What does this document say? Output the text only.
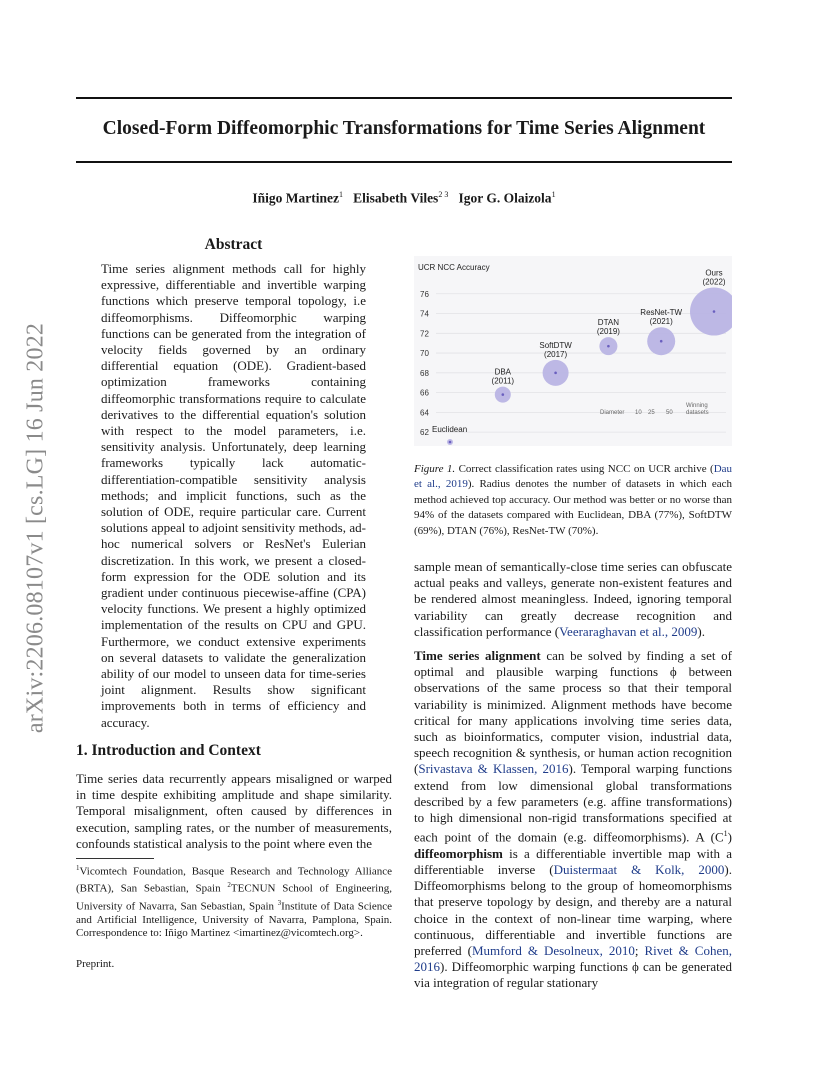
Closed-Form Diffeomorphic Transformations for Time Series Alignment
Iñigo Martinez$^1$ Elisabeth Viles$^{2 3}$ Igor G. Olaizola$^1$
arXiv:2206.08107v1 [cs.LG] 16 Jun 2022
Abstract

Time series alignment methods call for highly expressive, differentiable and invertible warping functions which preserve temporal topology, i.e diffeomorphisms. Diffeomorphic warping functions can be generated from the integration of velocity fields governed by an ordinary differential equation (ODE). Gradient-based optimization frameworks containing diffeomorphic transformations require to calculate derivatives to the differential equation's solution with respect to the model parameters, i.e. sensitivity analysis. Unfortunately, deep learning frameworks typically lack automatic-differentiation-compatible sensitivity analysis methods; and implicit functions, such as the solution of ODE, require particular care. Current solutions appeal to adjoint sensitivity methods, ad-hoc numerical solvers or ResNet's Eulerian discretization. In this work, we present a closed-form expression for the ODE solution and its gradient under continuous piecewise-affine (CPA) velocity functions. We present a highly optimized implementation of the results on CPU and GPU. Furthermore, we conduct extensive experiments on several datasets to validate the generalization ability of our model to unseen data for time-series joint alignment. Results show significant improvements both in terms of efficiency and accuracy.

1. Introduction and Context

Time series data recurrently appears misaligned or warped in time despite exhibiting amplitude and shape similarity. Temporal misalignment, often caused by differences in execution, sampling rates, or the number of measurements, confounds statistical analysis to the point where even the

$^1$Vicomtech Foundation, Basque Research and Technology Alliance (BRTA), San Sebastian, Spain $^2$TECNUN School of Engineering, University of Navarra, San Sebastian, Spain $^3$Institute of Data Science and Artificial Intelligence, University of Navarra, Pamplona, Spain. Correspondence to: Iñigo Martinez <imartinez@vicomtech.org>.

Preprint.
UCR NCC Accuracy
62
64
66
68
70
72
74
76
Euclidean
DBA
(2011)
SoftDTW
(2017)
DTAN
(2019)
ResNet-TW
(2021)
Ours
(2022)
Diameter 10 25 50
Winning
datasets

Figure 1. Correct classification rates using NCC on UCR archive (Dau et al., 2019). Radius denotes the number of datasets in which each method achieved top accuracy. Our method was better or no worse than 94% of the datasets compared with Euclidean, DBA (77%), SoftDTW (69%), DTAN (76%), ResNet-TW (70%).

sample mean of semantically-close time series can obfuscate actual peaks and valleys, generate non-existent features and be rendered almost meaningless. Indeed, ignoring temporal variability can greatly decrease recognition and classification performance (Veeraraghavan et al., 2009).

Time series alignment can be solved by finding a set of optimal and plausible warping functions ϕ between observations of the same process so that their temporal variability is minimized. Alignment methods have become critical for many applications involving time series data, such as bioinformatics, computer vision, industrial data, speech recognition & synthesis, or human action recognition (Srivastava & Klassen, 2016). Temporal warping functions extend from low dimensional global transformations described by a few parameters (e.g. affine transformations) to high dimensional non-rigid transformations specified at each point of the domain (e.g. diffeomorphisms). A $(C^1)$ diffeomorphism is a differentiable invertible map with a differentiable inverse (Duistermaat & Kolk, 2000). Diffeomorphisms belong to the group of homeomorphisms that preserve topology by design, and thereby are a natural choice in the context of non-linear time warping, where continuous, differentiable and invertible functions are preferred (Mumford & Desolneux, 2010; Rivet & Cohen, 2016). Diffeomorphic warping functions ϕ can be generated via integration of regular stationary
